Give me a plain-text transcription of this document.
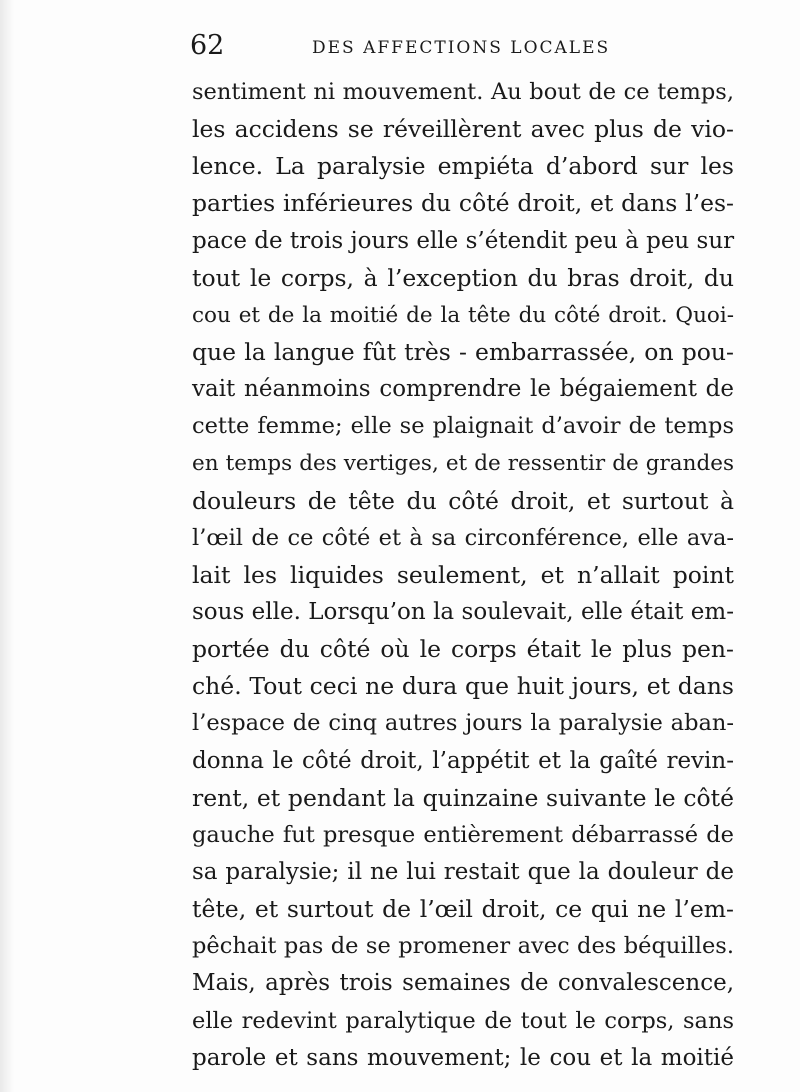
62	DES AFFECTIONS LOCALES
sentiment ni mouvement. Au bout de ce temps,
les accidens se réveillèrent avec plus de vio-
lence. La paralysie empiéta d’abord sur les
parties inférieures du côté droit, et dans l’es-
pace de trois jours elle s’étendit peu à peu sur
tout le corps, à l’exception du bras droit, du
cou et de la moitié de la tête du côté droit. Quoi-
que la langue fût très - embarrassée, on pou-
vait néanmoins comprendre le bégaiement de
cette femme; elle se plaignait d’avoir de temps
en temps des vertiges, et de ressentir de grandes
douleurs de tête du côté droit, et surtout à
l’œil de ce côté et à sa circonférence, elle ava-
lait les liquides seulement, et n’allait point
sous elle. Lorsqu’on la soulevait, elle était em-
portée du côté où le corps était le plus pen-
ché. Tout ceci ne dura que huit jours, et dans
l’espace de cinq autres jours la paralysie aban-
donna le côté droit, l’appétit et la gaîté revin-
rent, et pendant la quinzaine suivante le côté
gauche fut presque entièrement débarrassé de
sa paralysie; il ne lui restait que la douleur de
tête, et surtout de l’œil droit, ce qui ne l’em-
pêchait pas de se promener avec des béquilles.
Mais, après trois semaines de convalescence,
elle redevint paralytique de tout le corps, sans
parole et sans mouvement; le cou et la moitié
